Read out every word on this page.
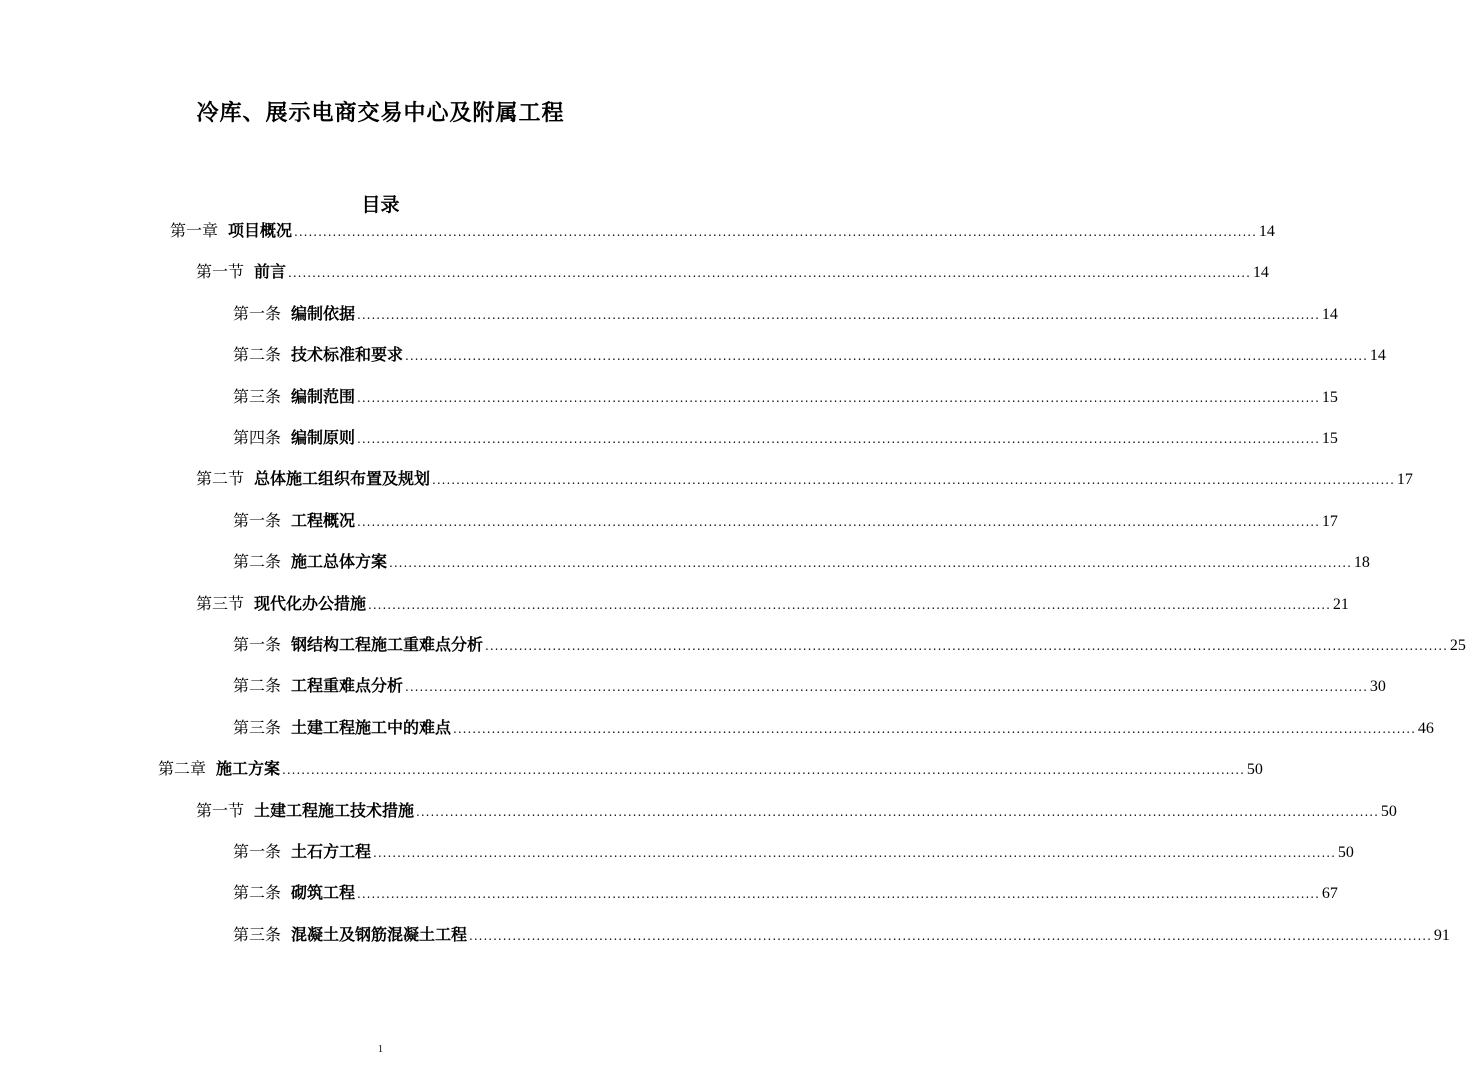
冷库、展示电商交易中心及附属工程
目录
第一章 项目概况 ........................................................................................................................................................................................................ 14
第一节 前言 ........................................................................................................................................................................................................ 14
第一条 编制依据 ........................................................................................................................................................................................................ 14
第二条 技术标准和要求 ........................................................................................................................................................................................................ 14
第三条 编制范围 ........................................................................................................................................................................................................ 15
第四条 编制原则 ........................................................................................................................................................................................................ 15
第二节 总体施工组织布置及规划 ........................................................................................................................................................................................................ 17
第一条 工程概况 ........................................................................................................................................................................................................ 17
第二条 施工总体方案 ........................................................................................................................................................................................................ 18
第三节 现代化办公措施 ........................................................................................................................................................................................................ 21
第一条 钢结构工程施工重难点分析 ........................................................................................................................................................................................................ 25
第二条 工程重难点分析 ........................................................................................................................................................................................................ 30
第三条 土建工程施工中的难点 ........................................................................................................................................................................................................ 46
第二章 施工方案 ........................................................................................................................................................................................................ 50
第一节 土建工程施工技术措施 ........................................................................................................................................................................................................ 50
第一条 土石方工程 ........................................................................................................................................................................................................ 50
第二条 砌筑工程 ........................................................................................................................................................................................................ 67
第三条 混凝土及钢筋混凝土工程 ........................................................................................................................................................................................................ 91
1
